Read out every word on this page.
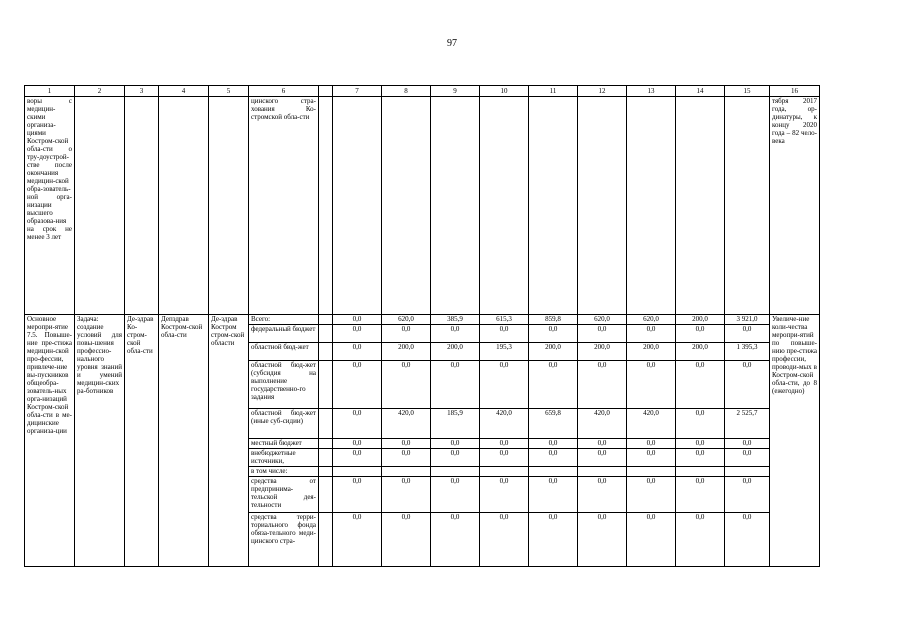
97
1	2	3	4	5	6		7	8	9	10	11	12	13	14	15	16
воры с медицин-скими организа-циями Костром-ской обла-сти о тру-доустрой-стве после окончания медицин-ской обра-зователь-ной орга-низации высшего образова-ния на срок не менее 3 лет					цинского стра-хования Ко-стромской обла-сти											тября 2017 года, ор-динатуры, к концу 2020 года – 82 чело-века
Основное меропри-ятие 7.5. Повыше-ние пре-стижа медицин-ской про-фессии, привлече-ние вы-пускников общеобра-зователь-ных орга-низаций Костром-ской обла-сти в ме-дицинские организа-ции	Задача: создание условий для повы-шения профессио-нального уровня знаний и умений медицин-ских ра-ботников	Де-здрав Ко-стром-ской обла-сти	Депздрав Костром-ской обла-сти	Де-здрав Костром стром-ской области	Всего:		0,0	620,0	385,9	615,3	859,8	620,0	620,0	200,0	3 921,0	Увеличе-ние коли-чества меропри-ятий по повыше-нию пре-стижа профессии, проводи-мых в Костром-ской обла-сти, до 8 (ежегодно)
					федеральный бюджет		0,0	0,0	0,0	0,0	0,0	0,0	0,0	0,0	0,0	
					областной бюд-жет		0,0	200,0	200,0	195,3	200,0	200,0	200,0	200,0	1 395,3	
					областной бюд-жет (субсидия на выполнение государственно-го задания		0,0	0,0	0,0	0,0	0,0	0,0	0,0	0,0	0,0	
					областной бюд-жет (иные суб-сидии)		0,0	420,0	185,9	420,0	659,8	420,0	420,0	0,0	2 525,7	
					местный бюджет		0,0	0,0	0,0	0,0	0,0	0,0	0,0	0,0	0,0	
					внебюджетные источники,		0,0	0,0	0,0	0,0	0,0	0,0	0,0	0,0	0,0	
					в том числе:											
					средства от предпринима-тельской дея-тельности		0,0	0,0	0,0	0,0	0,0	0,0	0,0	0,0	0,0	
					средства терри-ториального фонда обяза-тельного меди-цинского стра-		0,0	0,0	0,0	0,0	0,0	0,0	0,0	0,0	0,0	
